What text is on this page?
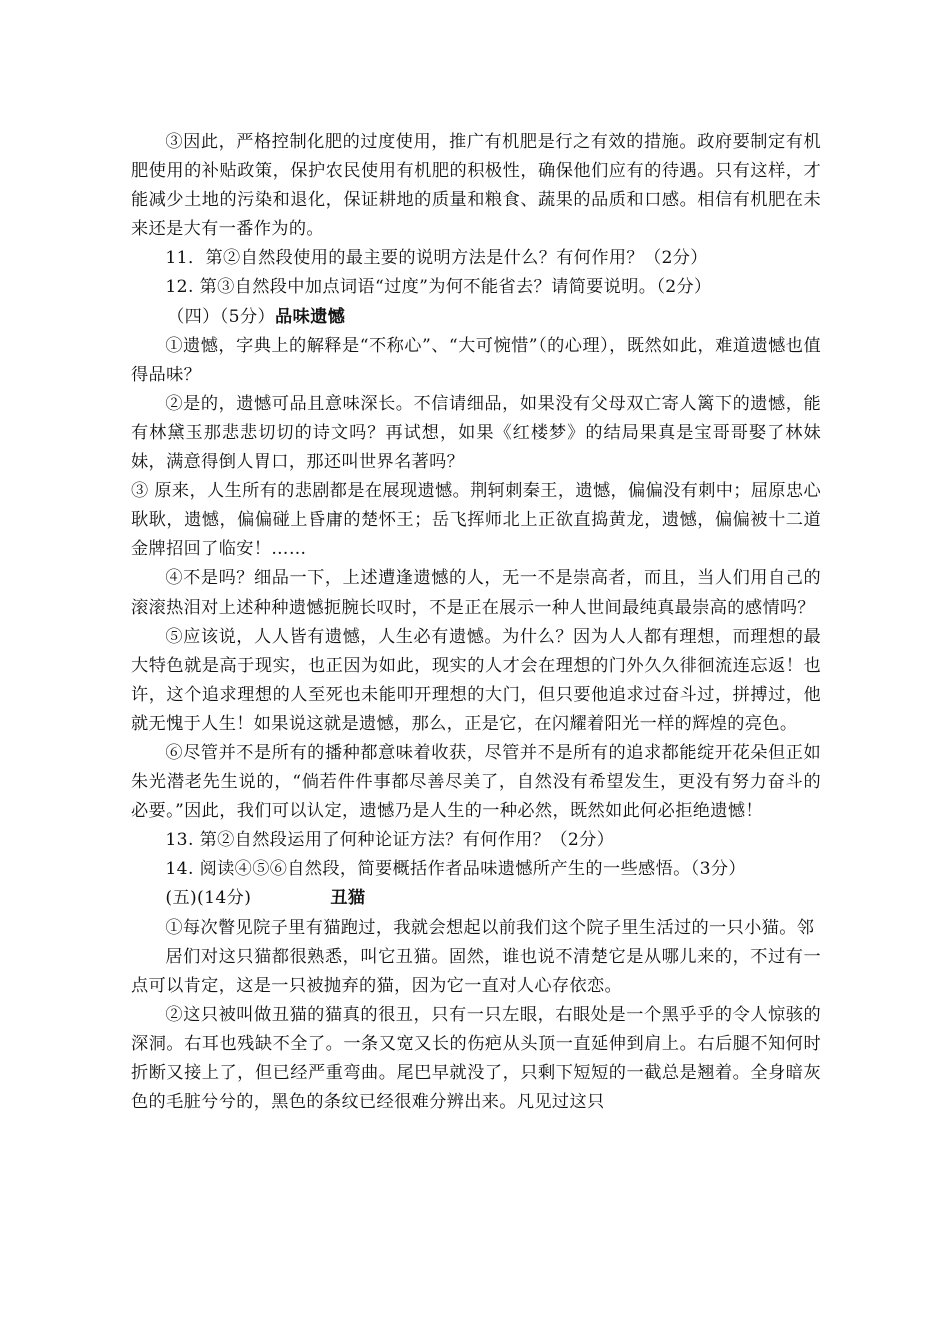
③因此，严格控制化肥的过度使用，推广有机肥是行之有效的措施。政府要制定有机肥使用的补贴政策，保护农民使用有机肥的积极性，确保他们应有的待遇。只有这样，才能减少土地的污染和退化，保证耕地的质量和粮食、蔬果的品质和口感。相信有机肥在未来还是大有一番作为的。

11．第②自然段使用的最主要的说明方法是什么？有何作用？（2分）

12. 第③自然段中加点词语“过度”为何不能省去？请简要说明。（2分）

（四）（5分）品味遗憾

①遗憾，字典上的解释是“不称心”、“大可惋惜”（的心理），既然如此，难道遗憾也值得品味？

②是的，遗憾可品且意味深长。不信请细品，如果没有父母双亡寄人篱下的遗憾，能有林黛玉那悲悲切切的诗文吗？再试想，如果《红楼梦》的结局果真是宝哥哥娶了林妹妹，满意得倒人胃口，那还叫世界名著吗？

③ 原来，人生所有的悲剧都是在展现遗憾。荆轲刺秦王，遗憾，偏偏没有刺中；屈原忠心耿耿，遗憾，偏偏碰上昏庸的楚怀王；岳飞挥师北上正欲直捣黄龙，遗憾，偏偏被十二道金牌招回了临安！……

④不是吗？细品一下，上述遭逢遗憾的人，无一不是崇高者，而且，当人们用自己的滚滚热泪对上述种种遗憾扼腕长叹时，不是正在展示一种人世间最纯真最崇高的感情吗？

⑤应该说，人人皆有遗憾，人生必有遗憾。为什么？因为人人都有理想，而理想的最大特色就是高于现实，也正因为如此，现实的人才会在理想的门外久久徘徊流连忘返！也许，这个追求理想的人至死也未能叩开理想的大门，但只要他追求过奋斗过，拼搏过，他就无愧于人生！如果说这就是遗憾，那么，正是它，在闪耀着阳光一样的辉煌的亮色。

⑥尽管并不是所有的播种都意味着收获，尽管并不是所有的追求都能绽开花朵但正如朱光潜老先生说的，“倘若件件事都尽善尽美了，自然没有希望发生，更没有努力奋斗的必要。”因此，我们可以认定，遗憾乃是人生的一种必然，既然如此何必拒绝遗憾！

13. 第②自然段运用了何种论证方法？有何作用？（2分）

14. 阅读④⑤⑥自然段，简要概括作者品味遗憾所产生的一些感悟。（3分）

(五)(14分)	丑猫

①每次瞥见院子里有猫跑过，我就会想起以前我们这个院子里生活过的一只小猫。邻

居们对这只猫都很熟悉，叫它丑猫。固然，谁也说不清楚它是从哪儿来的，不过有一点可以肯定，这是一只被抛弃的猫，因为它一直对人心存依恋。

②这只被叫做丑猫的猫真的很丑，只有一只左眼，右眼处是一个黑乎乎的令人惊骇的深洞。右耳也残缺不全了。一条又宽又长的伤疤从头顶一直延伸到肩上。右后腿不知何时折断又接上了，但已经严重弯曲。尾巴早就没了，只剩下短短的一截总是翘着。全身暗灰色的毛脏兮兮的，黑色的条纹已经很难分辨出来。凡见过这只
